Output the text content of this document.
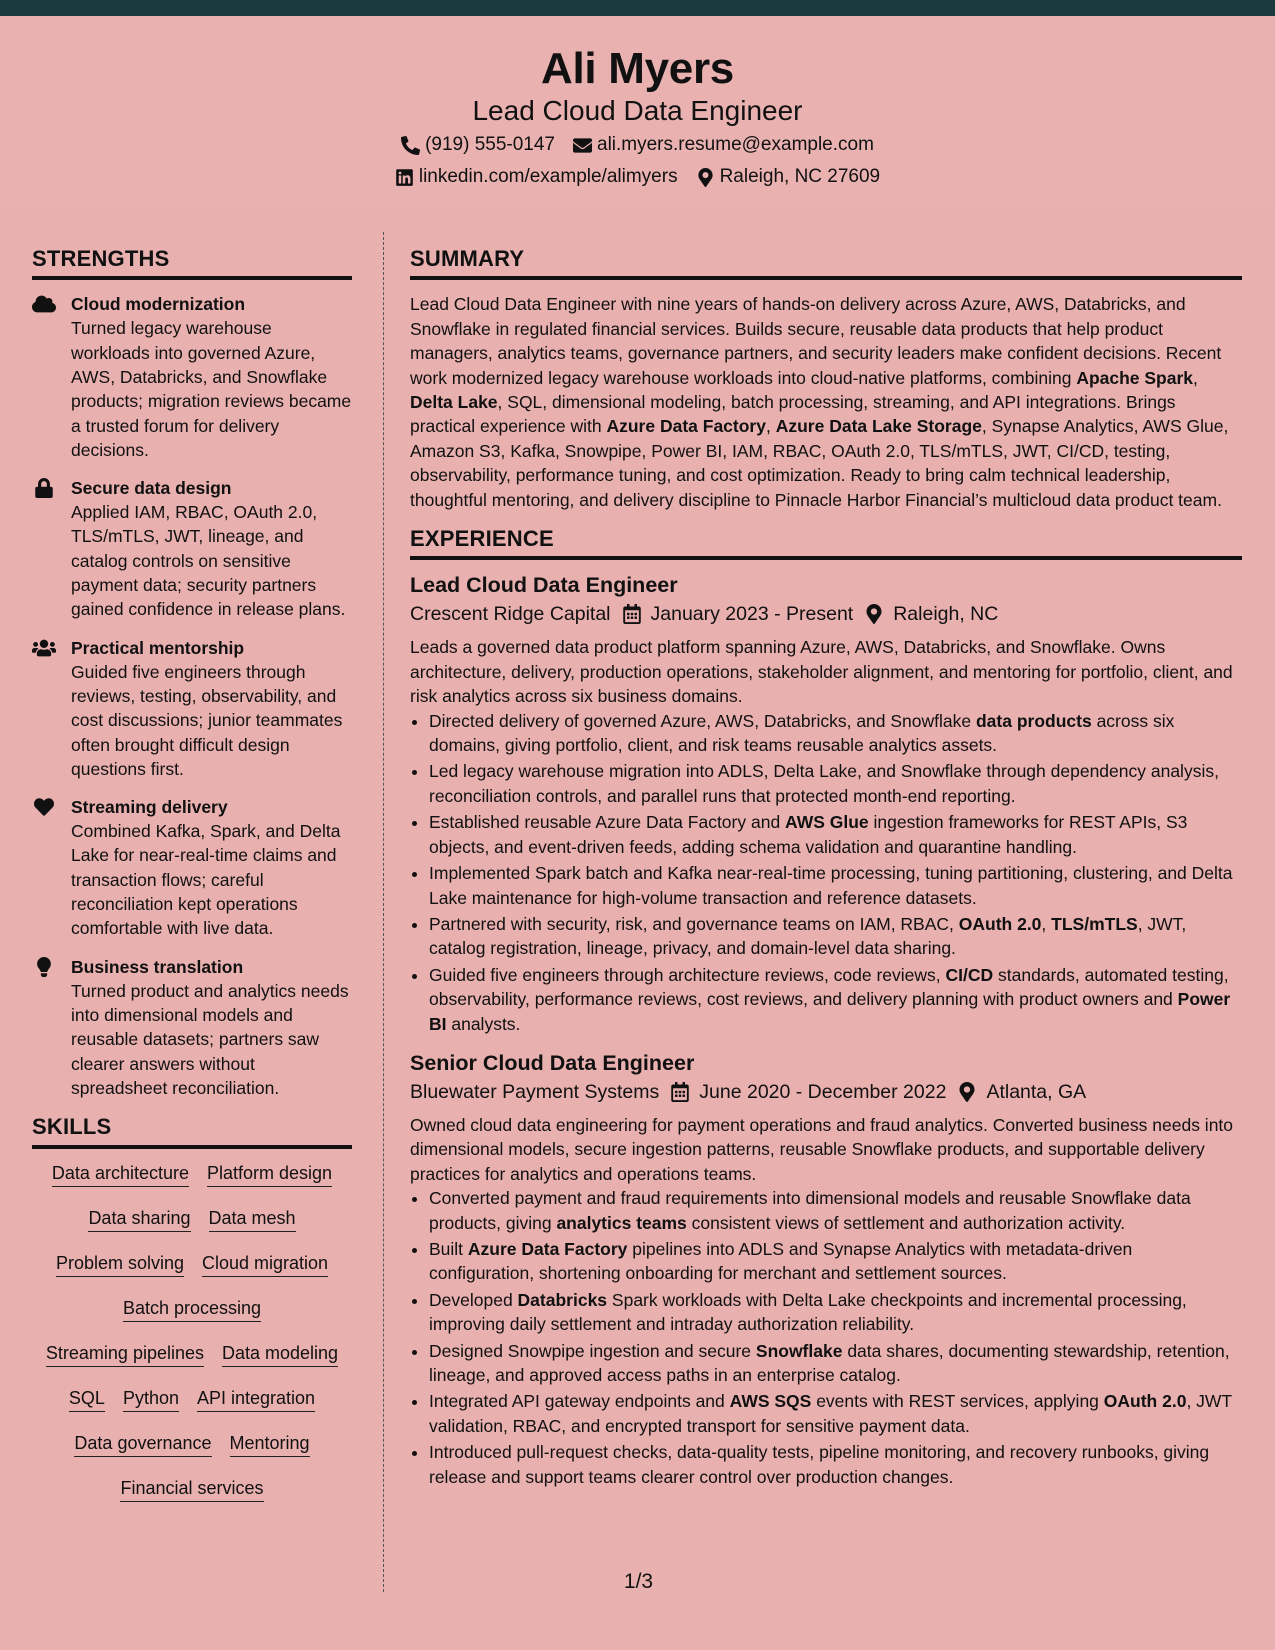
Ali Myers
Lead Cloud Data Engineer
(919) 555-0147 ali.myers.resume@example.com
linkedin.com/example/alimyers Raleigh, NC 27609
STRENGTHS
Cloud modernization
Turned legacy warehouse workloads into governed Azure, AWS, Databricks, and Snowflake products; migration reviews became a trusted forum for delivery decisions.
Secure data design
Applied IAM, RBAC, OAuth 2.0, TLS/mTLS, JWT, lineage, and catalog controls on sensitive payment data; security partners gained confidence in release plans.
Practical mentorship
Guided five engineers through reviews, testing, observability, and cost discussions; junior teammates often brought difficult design questions first.
Streaming delivery
Combined Kafka, Spark, and Delta Lake for near-real-time claims and transaction flows; careful reconciliation kept operations comfortable with live data.
Business translation
Turned product and analytics needs into dimensional models and reusable datasets; partners saw clearer answers without spreadsheet reconciliation.
SKILLS
Data architecture Platform design
Data sharing Data mesh
Problem solving Cloud migration
Batch processing
Streaming pipelines Data modeling
SQL Python API integration
Data governance Mentoring
Financial services
SUMMARY
Lead Cloud Data Engineer with nine years of hands-on delivery across Azure, AWS, Databricks, and Snowflake in regulated financial services. Builds secure, reusable data products that help product managers, analytics teams, governance partners, and security leaders make confident decisions. Recent work modernized legacy warehouse workloads into cloud-native platforms, combining Apache Spark, Delta Lake, SQL, dimensional modeling, batch processing, streaming, and API integrations. Brings practical experience with Azure Data Factory, Azure Data Lake Storage, Synapse Analytics, AWS Glue, Amazon S3, Kafka, Snowpipe, Power BI, IAM, RBAC, OAuth 2.0, TLS/mTLS, JWT, CI/CD, testing, observability, performance tuning, and cost optimization. Ready to bring calm technical leadership, thoughtful mentoring, and delivery discipline to Pinnacle Harbor Financial’s multicloud data product team.
EXPERIENCE
Lead Cloud Data Engineer
Crescent Ridge Capital January 2023 - Present Raleigh, NC
Leads a governed data product platform spanning Azure, AWS, Databricks, and Snowflake. Owns architecture, delivery, production operations, stakeholder alignment, and mentoring for portfolio, client, and risk analytics across six business domains.
• Directed delivery of governed Azure, AWS, Databricks, and Snowflake data products across six domains, giving portfolio, client, and risk teams reusable analytics assets.
• Led legacy warehouse migration into ADLS, Delta Lake, and Snowflake through dependency analysis, reconciliation controls, and parallel runs that protected month-end reporting.
• Established reusable Azure Data Factory and AWS Glue ingestion frameworks for REST APIs, S3 objects, and event-driven feeds, adding schema validation and quarantine handling.
• Implemented Spark batch and Kafka near-real-time processing, tuning partitioning, clustering, and Delta Lake maintenance for high-volume transaction and reference datasets.
• Partnered with security, risk, and governance teams on IAM, RBAC, OAuth 2.0, TLS/mTLS, JWT, catalog registration, lineage, privacy, and domain-level data sharing.
• Guided five engineers through architecture reviews, code reviews, CI/CD standards, automated testing, observability, performance reviews, cost reviews, and delivery planning with product owners and Power BI analysts.
Senior Cloud Data Engineer
Bluewater Payment Systems June 2020 - December 2022 Atlanta, GA
Owned cloud data engineering for payment operations and fraud analytics. Converted business needs into dimensional models, secure ingestion patterns, reusable Snowflake products, and supportable delivery practices for analytics and operations teams.
• Converted payment and fraud requirements into dimensional models and reusable Snowflake data products, giving analytics teams consistent views of settlement and authorization activity.
• Built Azure Data Factory pipelines into ADLS and Synapse Analytics with metadata-driven configuration, shortening onboarding for merchant and settlement sources.
• Developed Databricks Spark workloads with Delta Lake checkpoints and incremental processing, improving daily settlement and intraday authorization reliability.
• Designed Snowpipe ingestion and secure Snowflake data shares, documenting stewardship, retention, lineage, and approved access paths in an enterprise catalog.
• Integrated API gateway endpoints and AWS SQS events with REST services, applying OAuth 2.0, JWT validation, RBAC, and encrypted transport for sensitive payment data.
• Introduced pull-request checks, data-quality tests, pipeline monitoring, and recovery runbooks, giving release and support teams clearer control over production changes.
1/3
